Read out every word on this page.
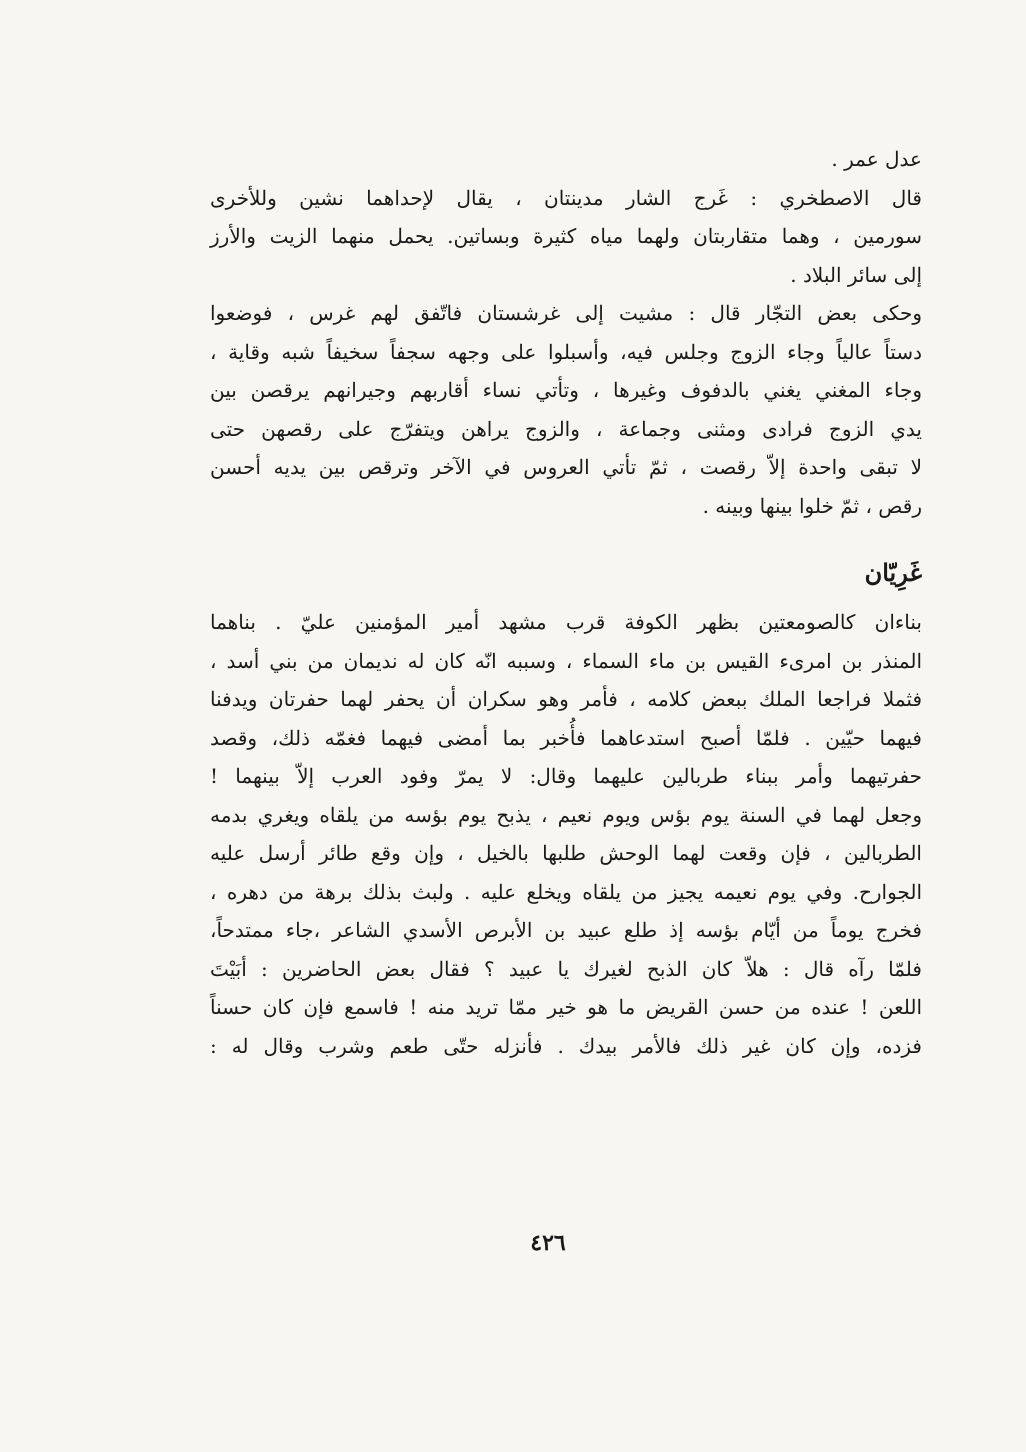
عدل عمر .
قال الاصطخري : غَرج الشار مدينتان ، يقال لإحداهما نشين وللأخرى
سورمين ، وهما متقاربتان ولهما مياه كثيرة وبساتين. يحمل منهما الزيت والأرز
إلى سائر البلاد .
وحكى بعض التجّار قال : مشيت إلى غرشستان فاتّفق لهم غرس ، فوضعوا
دستاً عالياً وجاء الزوج وجلس فيه، وأسبلوا على وجهه سجفاً سخيفاً شبه وقاية ،
وجاء المغني يغني بالدفوف وغيرها ، وتأتي نساء أقاربهم وجيرانهم يرقصن بين
يدي الزوج فرادى ومثنى وجماعة ، والزوج يراهن ويتفرّج على رقصهن حتى
لا تبقى واحدة إلاّ رقصت ، ثمّ تأتي العروس في الآخر وترقص بين يديه أحسن
رقص ، ثمّ خلوا بينها وبينه .
غَرِيّان
بناءان كالصومعتين بظهر الكوفة قرب مشهد أمير المؤمنين عليّ . بناهما
المنذر بن امرىء القيس بن ماء السماء ، وسببه انّه كان له نديمان من بني أسد ،
فثملا فراجعا الملك ببعض كلامه ، فأمر وهو سكران أن يحفر لهما حفرتان ويدفنا
فيهما حيّين . فلمّا أصبح استدعاهما فأُخبر بما أمضى فيهما فغمّه ذلك، وقصد
حفرتيهما وأمر ببناء طربالين عليهما وقال: لا يمرّ وفود العرب إلاّ بينهما !
وجعل لهما في السنة يوم بؤس ويوم نعيم ، يذبح يوم بؤسه من يلقاه ويغري بدمه
الطربالين ، فإن وقعت لهما الوحش طلبها بالخيل ، وإن وقع طائر أرسل عليه
الجوارح. وفي يوم نعيمه يجيز من يلقاه ويخلع عليه . ولبث بذلك برهة من دهره ،
فخرج يوماً من أيّام بؤسه إذ طلع عبيد بن الأبرص الأسدي الشاعر ،جاء ممتدحاً،
فلمّا رآه قال : هلاّ كان الذبح لغيرك يا عبيد ؟ فقال بعض الحاضرين : أبَيْتَ
اللعن ! عنده من حسن القريض ما هو خير ممّا تريد منه ! فاسمع فإن كان حسناً
فزده، وإن كان غير ذلك فالأمر بيدك . فأنزله حتّى طعم وشرب وقال له :
٤٢٦
